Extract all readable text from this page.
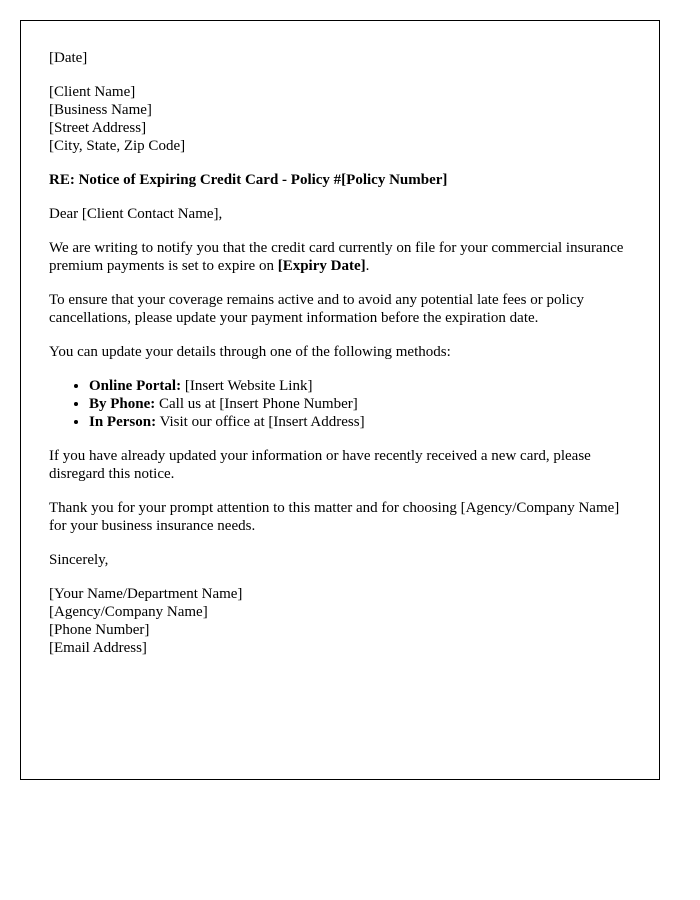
[Date]

[Client Name]
[Business Name]
[Street Address]
[City, State, Zip Code]

RE: Notice of Expiring Credit Card - Policy #[Policy Number]

Dear [Client Contact Name],

We are writing to notify you that the credit card currently on file for your commercial insurance premium payments is set to expire on [Expiry Date].

To ensure that your coverage remains active and to avoid any potential late fees or policy cancellations, please update your payment information before the expiration date.

You can update your details through one of the following methods:

• Online Portal: [Insert Website Link]
• By Phone: Call us at [Insert Phone Number]
• In Person: Visit our office at [Insert Address]

If you have already updated your information or have recently received a new card, please disregard this notice.

Thank you for your prompt attention to this matter and for choosing [Agency/Company Name] for your business insurance needs.

Sincerely,

[Your Name/Department Name]
[Agency/Company Name]
[Phone Number]
[Email Address]
